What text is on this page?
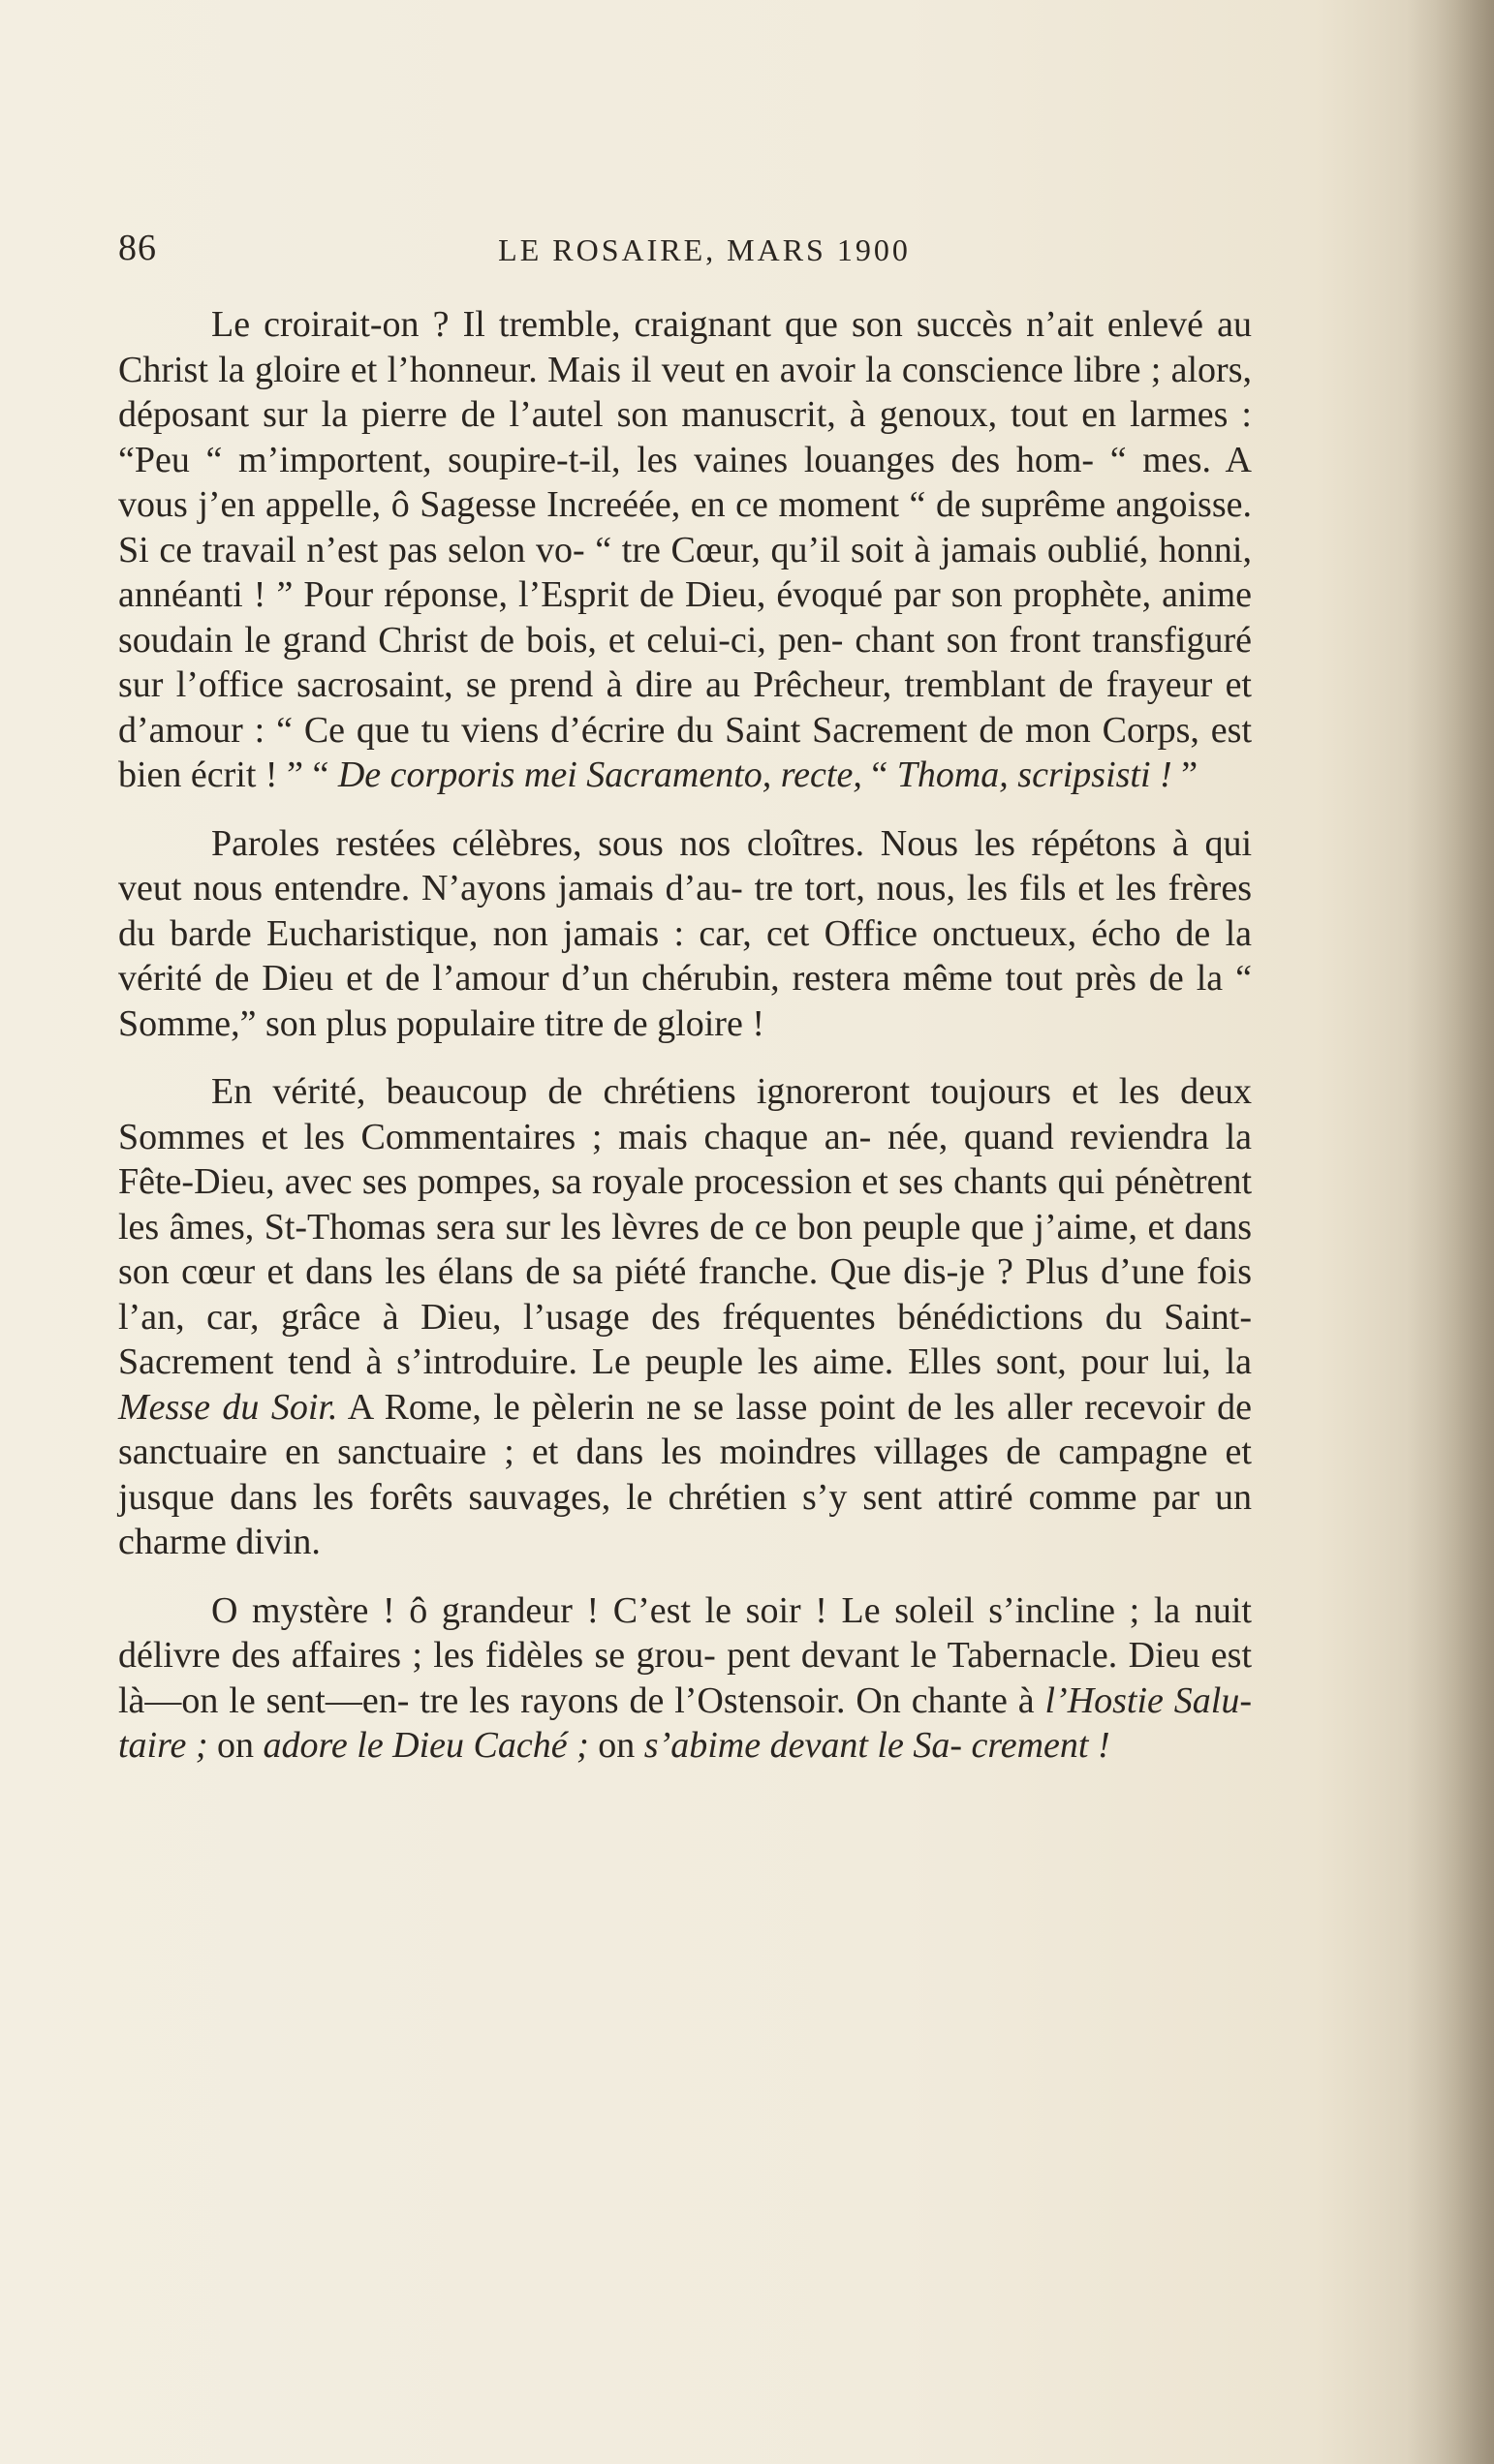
86	LE ROSAIRE, MARS 1900

Le croirait-on ? Il tremble, craignant que son succès n’ait enlevé au Christ la gloire et l’honneur. Mais il veut en avoir la conscience libre ; alors, déposant sur la pierre de l’autel son manuscrit, à genoux, tout en larmes : “Peu “ m’importent, soupire-t-il, les vaines louanges des hom- “ mes. A vous j’en appelle, ô Sagesse Increéée, en ce moment “ de suprême angoisse. Si ce travail n’est pas selon vo- “ tre Cœur, qu’il soit à jamais oublié, honni, annéanti ! ” Pour réponse, l’Esprit de Dieu, évoqué par son prophète, anime soudain le grand Christ de bois, et celui-ci, pen- chant son front transfiguré sur l’office sacrosaint, se prend à dire au Prêcheur, tremblant de frayeur et d’amour : “ Ce que tu viens d’écrire du Saint Sacrement de mon Corps, est bien écrit ! ” “ De corporis mei Sacramento, recte, “ Thoma, scripsisti ! ”

Paroles restées célèbres, sous nos cloîtres. Nous les répétons à qui veut nous entendre. N’ayons jamais d’au- tre tort, nous, les fils et les frères du barde Eucharistique, non jamais : car, cet Office onctueux, écho de la vérité de Dieu et de l’amour d’un chérubin, restera même tout près de la “ Somme,” son plus populaire titre de gloire !

En vérité, beaucoup de chrétiens ignoreront toujours et les deux Sommes et les Commentaires ; mais chaque an- née, quand reviendra la Fête-Dieu, avec ses pompes, sa royale procession et ses chants qui pénètrent les âmes, St-Thomas sera sur les lèvres de ce bon peuple que j’aime, et dans son cœur et dans les élans de sa piété franche. Que dis-je ? Plus d’une fois l’an, car, grâce à Dieu, l’usage des fréquentes bénédictions du Saint-Sacrement tend à s’introduire. Le peuple les aime. Elles sont, pour lui, la Messe du Soir. A Rome, le pèlerin ne se lasse point de les aller recevoir de sanctuaire en sanctuaire ; et dans les moindres villages de campagne et jusque dans les forêts sauvages, le chrétien s’y sent attiré comme par un charme divin.

O mystère ! ô grandeur ! C’est le soir ! Le soleil s’incline ; la nuit délivre des affaires ; les fidèles se grou- pent devant le Tabernacle. Dieu est là—on le sent—en- tre les rayons de l’Ostensoir. On chante à l’Hostie Salu- taire ; on adore le Dieu Caché ; on s’abime devant le Sa- crement !
